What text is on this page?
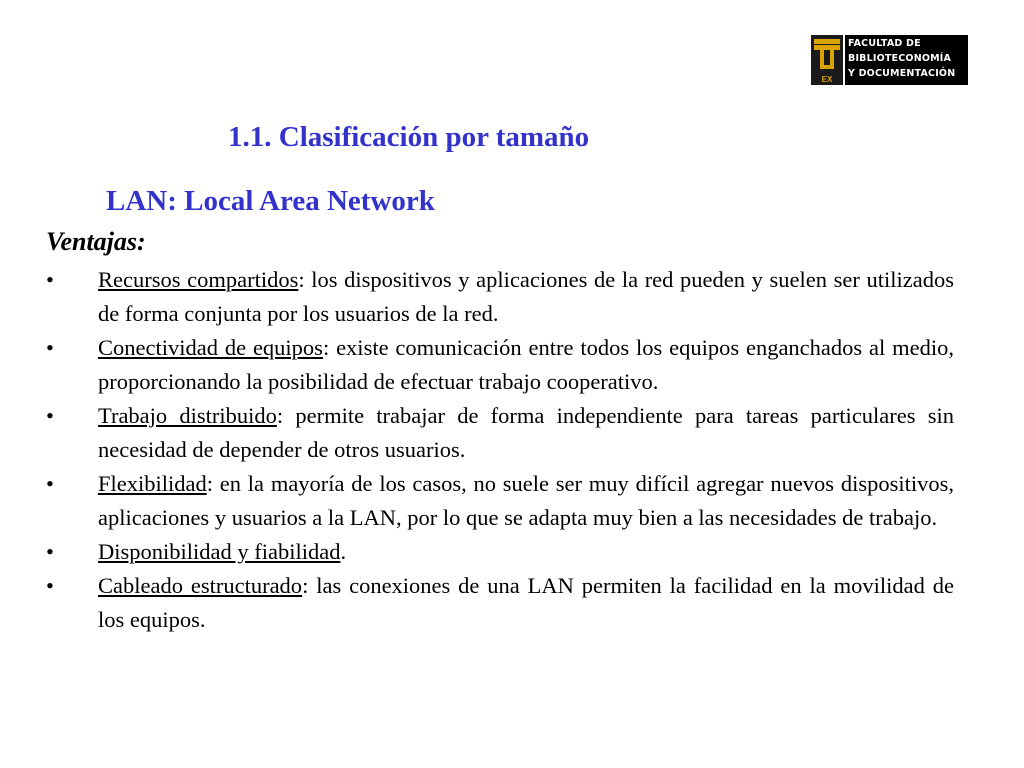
EX
FACULTAD DE
BIBLIOTECONOMÍA
Y DOCUMENTACIÓN
1.1. Clasificación por tamaño
LAN: Local Area Network
Ventajas:
• Recursos compartidos: los dispositivos y aplicaciones de la red pueden y suelen ser utilizados de forma conjunta por los usuarios de la red.
• Conectividad de equipos: existe comunicación entre todos los equipos enganchados al medio, proporcionando la posibilidad de efectuar trabajo cooperativo.
• Trabajo distribuido: permite trabajar de forma independiente para tareas particulares sin necesidad de depender de otros usuarios.
• Flexibilidad: en la mayoría de los casos, no suele ser muy difícil agregar nuevos dispositivos, aplicaciones y usuarios a la LAN, por lo que se adapta muy bien a las necesidades de trabajo.
• Disponibilidad y fiabilidad.
• Cableado estructurado: las conexiones de una LAN permiten la facilidad en la movilidad de los equipos.
